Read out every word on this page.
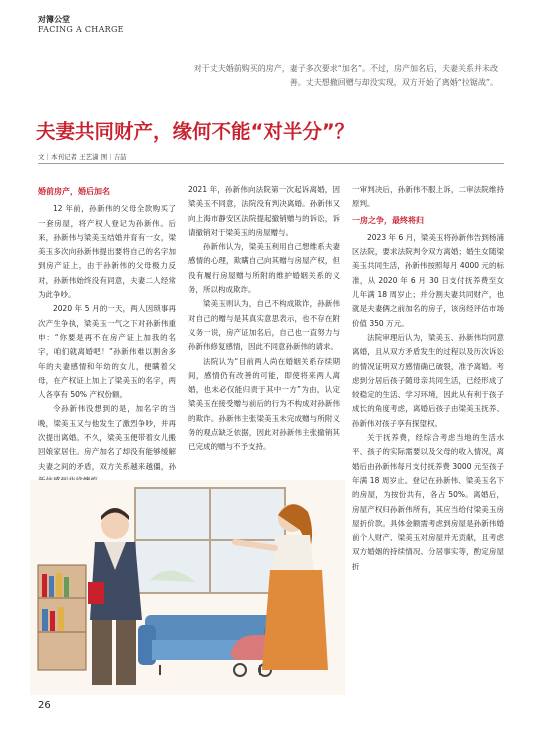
对簿公堂
FACING A CHARGE
对于丈夫婚前购买的房产，妻子多次要求“加名”。不过，房产加名后，夫妻关系并未改善。丈夫想撤回赠与却没实现，双方开始了离婚“拉锯战”。
夫妻共同财产，缘何不能“对半分”？
文｜本刊记者 王艺潇 图｜吉喆
婚前房产，婚后加名

12 年前，孙新伟的父母全款购买了一套房屋，将产权人登记为孙新伟。后来，孙新伟与梁美玉结婚并育有一女，梁美玉多次向孙新伟提出要将自己的名字加到房产证上，由于孙新伟的父母极力反对，孙新伟始终没有同意，夫妻二人经常为此争吵。

2020 年 5 月的一天，两人因琐事再次产生争执，梁美玉一气之下对孙新伟重申：“你要是再不在房产证上加我的名字，咱们就离婚吧！”孙新伟难以割舍多年的夫妻感情和年幼的女儿，便瞒着父母，在产权证上加上了梁美玉的名字，两人各享有 50% 产权份额。

令孙新伟没想到的是，加名字的当晚，梁美玉又与他发生了激烈争吵，并再次提出离婚。不久，梁美玉便带着女儿搬回娘家居住。房产加名了却没有能够缓解夫妻之间的矛盾，双方关系越来越僵，孙

2021 年，孙新伟向法院第一次起诉离婚，因梁美玉不同意，法院没有判决离婚。孙新伟又向上海市静安区法院提起撤销赠与的诉讼，诉请撤销对于梁美玉的房屋赠与。

孙新伟认为，梁美玉利用自己想维系夫妻感情的心理，欺瞒自己向其赠与房屋产权，但没有履行房屋赠与所附的维护婚姻关系的义务，所以构成欺诈。

梁美玉则认为，自己不构成欺诈，孙新伟对自己的赠与是其真实意思表示，也不存在附义务一说，房产证加名后，自己也一直努力与孙新伟修复感情，因此不同意孙新伟的请求。

法院认为“目前两人尚在婚姻关系存续期间，感情仍有改善的可能，即使将来两人离婚，也未必仅能归责于其中一方”为由，认定梁美玉在接受赠与前后的行为不构成对孙新伟的欺诈。孙新伟主张梁美玉未完成赠与所附义务的观点缺乏依据，因此对孙新伟主张撤销其已完成的赠与不予支持。

一审判决后，孙新伟不服上诉，二审法院维持原判。

一房之争，最终将归

2023 年 6 月，梁美玉将孙新伟告到杨浦区法院，要求法院判令双方离婚；婚生女随梁美玉共同生活，孙新伟按照每月 4000 元的标准，从 2020 年 6 月 30 日支付抚养费至女儿年满 18 周岁止；并分割夫妻共同财产，也就是夫妻俩之前加名的房子，该房经评估市场价值 350 万元。

法院审理后认为，梁美玉、孙新伟均同意离婚，且从双方矛盾发生的过程以及历次诉讼的情况证明双方感情确已破裂，准予离婚。考虑到分居后孩子随母亲共同生活，已经形成了较稳定的生活、学习环境，因此从有利于孩子成长的角度考虑，离婚后孩子由梁美玉抚养、孙新伟对孩子享有探望权。

关于抚养费，经综合考虑当地的生活水平、孩子的实际需要以及父母的收入情况，离婚后由孙新伟每月支付抚养费 3000 元至孩子年满 18 周岁止。登记在孙新伟、梁美玉名下的房屋，为按份共有，各占 50%。离婚后，房屋产权归孙新伟所有，其应当给付梁美玉房屋折价款。具体金额需考虑到房屋是孙新伟婚前个人财产、梁美玉对房屋并无贡献，且考虑双方婚姻的持续情况、分居事实等，酌定房屋折

26
